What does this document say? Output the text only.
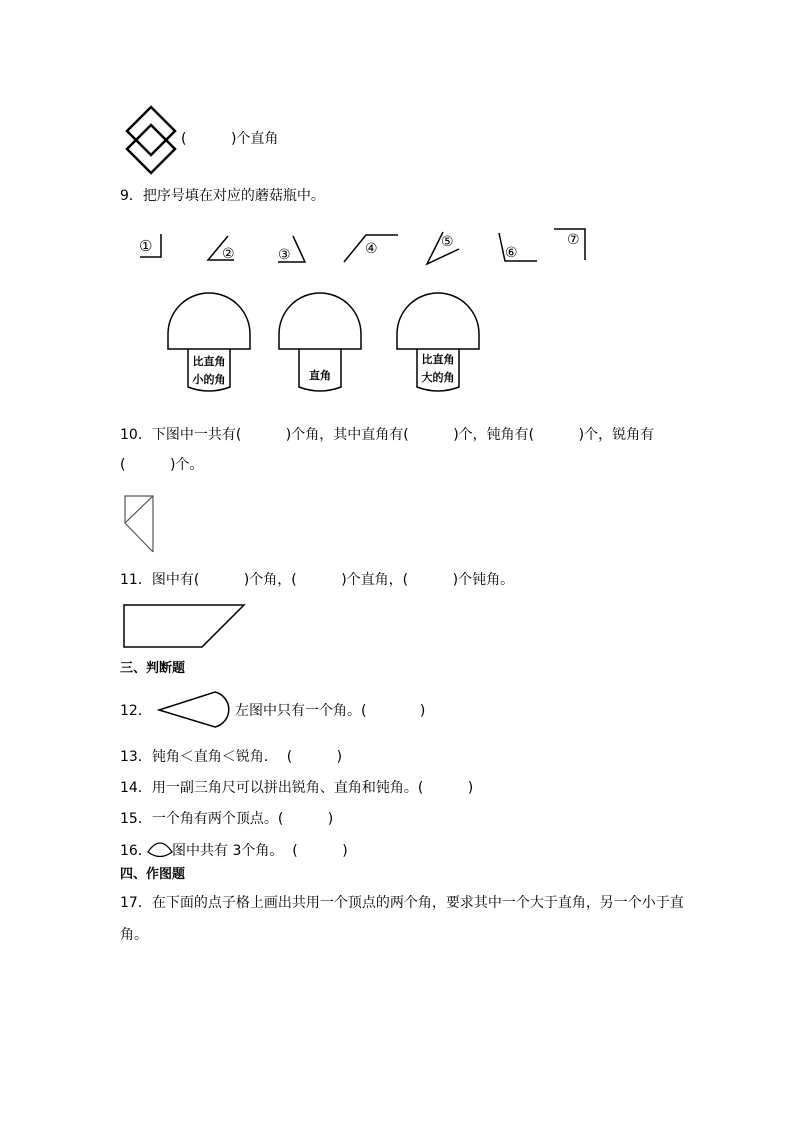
(          )个直角
9．把序号填在对应的蘑菇瓶中。
①	②	③	④	⑤
⑥
⑦
比直角
小的角	直角
比直角
大的角
10．下图中一共有(          )个角，其中直角有(          )个，钝角有(          )个，锐角有
(          )个。
11．图中有(          )个角，(          )个直角，(          )个钝角。
三、判断题
12．	左图中只有一个角。(            )
13．钝角＜直角＜锐角．  (          )
14．用一副三角尺可以拼出锐角、直角和钝角。(          )
15．一个角有两个顶点。(          )
16． 图中共有 3个角。  (          )
四、作图题
17．在下面的点子格上画出共用一个顶点的两个角，要求其中一个大于直角，另一个小于直
角。
